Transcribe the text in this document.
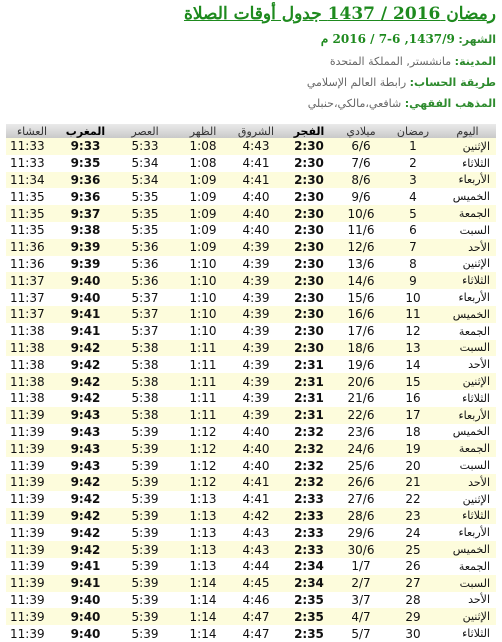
رمضان 2016 / 1437 جدول أوقات الصلاة
الشهر: 1437/9, 6-7 / 2016 م
المدينة: مانشستر, المملكة المتحدة
طريقة الحساب: رابطة العالم الإسلامي
المذهب الفقهي: شافعي،مالكي،حنبلي
العشاء	المغرب	العصر	الظهر	الشروق	الفجر	ميلادي	رمضان	اليوم
11:33	9:33	5:33	1:08	4:43	2:30	6/6	1	الإثنين
11:33	9:35	5:34	1:08	4:41	2:30	7/6	2	الثلاثاء
11:34	9:36	5:34	1:09	4:41	2:30	8/6	3	الأربعاء
11:35	9:36	5:35	1:09	4:40	2:30	9/6	4	الخميس
11:35	9:37	5:35	1:09	4:40	2:30	10/6	5	الجمعة
11:35	9:38	5:35	1:09	4:40	2:30	11/6	6	السبت
11:36	9:39	5:36	1:09	4:39	2:30	12/6	7	الأحد
11:36	9:39	5:36	1:10	4:39	2:30	13/6	8	الإثنين
11:37	9:40	5:36	1:10	4:39	2:30	14/6	9	الثلاثاء
11:37	9:40	5:37	1:10	4:39	2:30	15/6	10	الأربعاء
11:37	9:41	5:37	1:10	4:39	2:30	16/6	11	الخميس
11:38	9:41	5:37	1:10	4:39	2:30	17/6	12	الجمعة
11:38	9:42	5:38	1:11	4:39	2:30	18/6	13	السبت
11:38	9:42	5:38	1:11	4:39	2:31	19/6	14	الأحد
11:38	9:42	5:38	1:11	4:39	2:31	20/6	15	الإثنين
11:38	9:42	5:38	1:11	4:39	2:31	21/6	16	الثلاثاء
11:39	9:43	5:38	1:11	4:39	2:31	22/6	17	الأربعاء
11:39	9:43	5:39	1:12	4:40	2:32	23/6	18	الخميس
11:39	9:43	5:39	1:12	4:40	2:32	24/6	19	الجمعة
11:39	9:43	5:39	1:12	4:40	2:32	25/6	20	السبت
11:39	9:42	5:39	1:12	4:41	2:32	26/6	21	الأحد
11:39	9:42	5:39	1:13	4:41	2:33	27/6	22	الإثنين
11:39	9:42	5:39	1:13	4:42	2:33	28/6	23	الثلاثاء
11:39	9:42	5:39	1:13	4:43	2:33	29/6	24	الأربعاء
11:39	9:42	5:39	1:13	4:43	2:33	30/6	25	الخميس
11:39	9:41	5:39	1:13	4:44	2:34	1/7	26	الجمعة
11:39	9:41	5:39	1:14	4:45	2:34	2/7	27	السبت
11:39	9:40	5:39	1:14	4:46	2:35	3/7	28	الأحد
11:39	9:40	5:39	1:14	4:47	2:35	4/7	29	الإثنين
11:39	9:40	5:39	1:14	4:47	2:35	5/7	30	الثلاثاء
